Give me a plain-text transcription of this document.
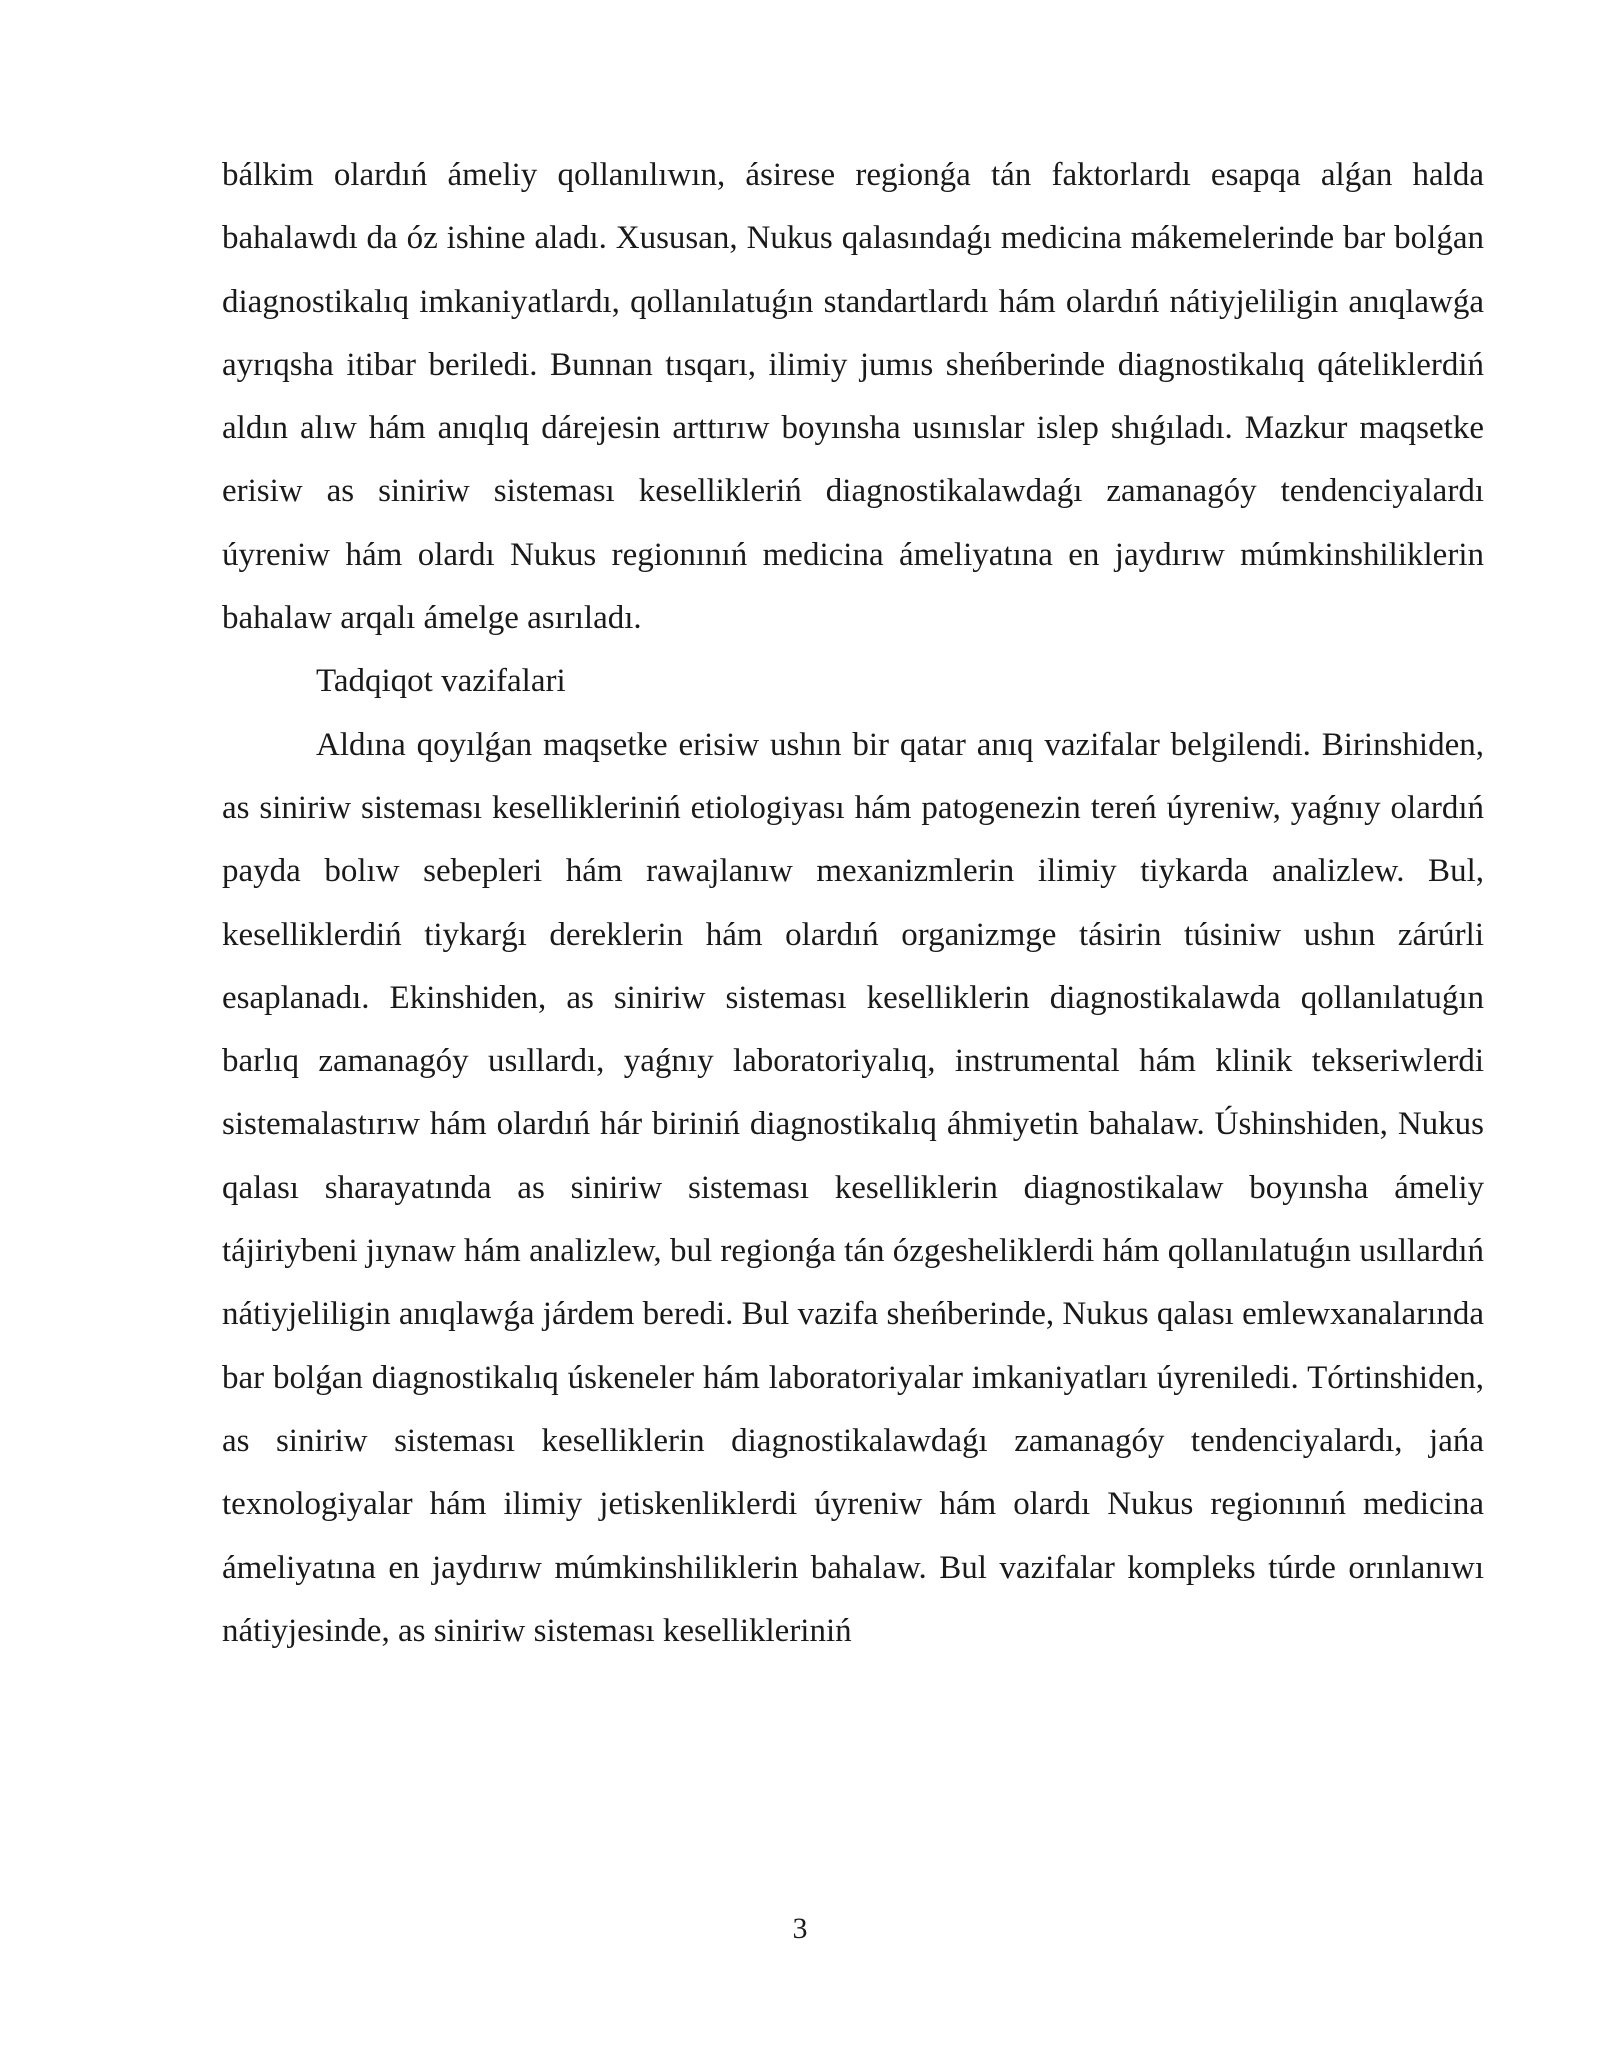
bálkim olardıń ámeliy qollanılıwın, ásirese regionǵa tán faktorlardı esapqa alǵan halda bahalawdı da óz ishine aladı. Xususan, Nukus qalasındaǵı medicina mákemelerinde bar bolǵan diagnostikalıq imkaniyatlardı, qollanılatuǵın standartlardı hám olardıń nátiyjeliligin anıqlawǵa ayrıqsha itibar beriledi. Bunnan tısqarı, ilimiy jumıs sheńberinde diagnostikalıq qáteliklerdiń aldın alıw hám anıqlıq dárejesin arttırıw boyınsha usınıslar islep shıǵıladı. Mazkur maqsetke erisiw as siniriw sisteması kesellikleriń diagnostikalawdaǵı zamanagóy tendenciyalardı úyreniw hám olardı Nukus regionınıń medicina ámeliyatına en jaydırıw múmkinshiliklerin bahalaw arqalı ámelge asırıladı.

Tadqiqot vazifalari

Aldına qoyılǵan maqsetke erisiw ushın bir qatar anıq vazifalar belgilendi. Birinshiden, as siniriw sisteması kesellikleriniń etiologiyası hám patogenezin tereń úyreniw, yaǵnıy olardıń payda bolıw sebepleri hám rawajlanıw mexanizmlerin ilimiy tiykarda analizlew. Bul, keselliklerdiń tiykarǵı dereklerin hám olardıń organizmge tásirin túsiniw ushın zárúrli esaplanadı. Ekinshiden, as siniriw sisteması keselliklerin diagnostikalawda qollanılatuǵın barlıq zamanagóy usıllardı, yaǵnıy laboratoriyalıq, instrumental hám klinik tekseriwlerdi sistemalastırıw hám olardıń hár biriniń diagnostikalıq áhmiyetin bahalaw. Úshinshiden, Nukus qalası sharayatında as siniriw sisteması keselliklerin diagnostikalaw boyınsha ámeliy tájiriybeni jıynaw hám analizlew, bul regionǵa tán ózgesheliklerdi hám qollanılatuǵın usıllardıń nátiyjeliligin anıqlawǵa járdem beredi. Bul vazifa sheńberinde, Nukus qalası emlewxanalarında bar bolǵan diagnostikalıq úskeneler hám laboratoriyalar imkaniyatları úyreniledi. Tórtinshiden, as siniriw sisteması keselliklerin diagnostikalawdaǵı zamanagóy tendenciyalardı, jańa texnologiyalar hám ilimiy jetiskenliklerdi úyreniw hám olardı Nukus regionınıń medicina ámeliyatına en jaydırıw múmkinshiliklerin bahalaw. Bul vazifalar kompleks túrde orınlanıwı nátiyjesinde, as siniriw sisteması kesellikleriniń

3
